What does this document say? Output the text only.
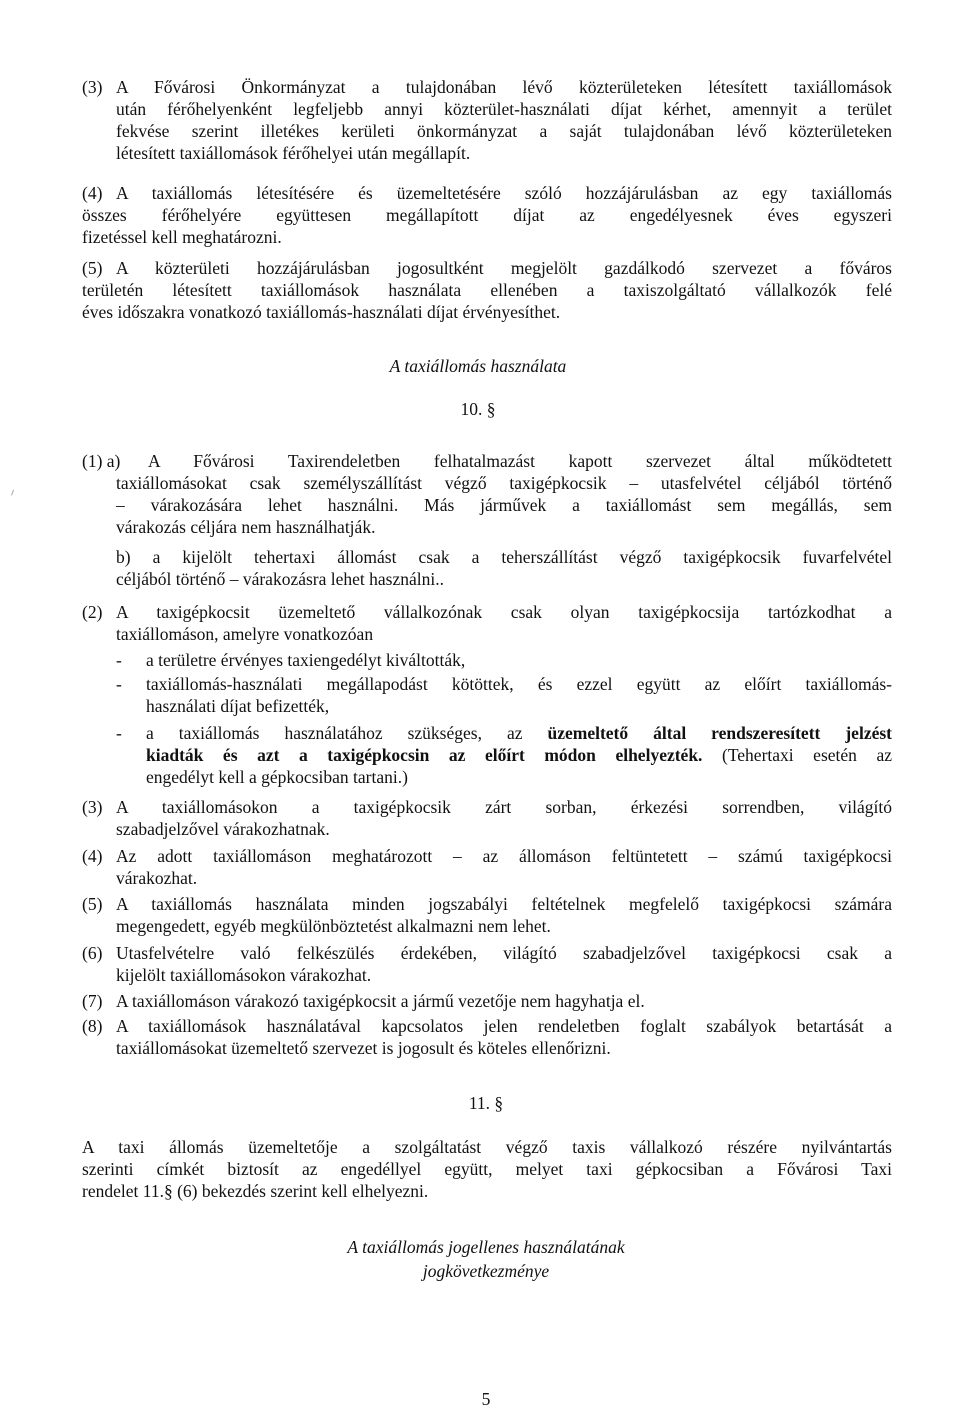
(3) A Fővárosi Önkormányzat a tulajdonában lévő közterületeken létesített taxiállomások
után férőhelyenként legfeljebb annyi közterület-használati díjat kérhet, amennyit a terület
fekvése szerint illetékes kerületi önkormányzat a saját tulajdonában lévő közterületeken
létesített taxiállomások férőhelyei után megállapít.
(4) A taxiállomás létesítésére és üzemeltetésére szóló hozzájárulásban az egy taxiállomás
összes férőhelyére együttesen megállapított díjat az engedélyesnek éves egyszeri
fizetéssel kell meghatározni.
(5) A közterületi hozzájárulásban jogosultként megjelölt gazdálkodó szervezet a főváros
területén létesített taxiállomások használata ellenében a taxiszolgáltató vállalkozók felé
éves időszakra vonatkozó taxiállomás-használati díjat érvényesíthet.
A taxiállomás használata
10. §
(1) a) A Fővárosi Taxirendeletben felhatalmazást kapott szervezet által működtetett
taxiállomásokat csak személyszállítást végző taxigépkocsik – utasfelvétel céljából történő
– várakozására lehet használni. Más járművek a taxiállomást sem megállás, sem
várakozás céljára nem használhatják.
b) a kijelölt tehertaxi állomást csak a teherszállítást végző taxigépkocsik fuvarfelvétel
céljából történő – várakozásra lehet használni..
(2) A taxigépkocsit üzemeltető vállalkozónak csak olyan taxigépkocsija tartózkodhat a
taxiállomáson, amelyre vonatkozóan
- a területre érvényes taxiengedélyt kiváltották,
- taxiállomás-használati megállapodást kötöttek, és ezzel együtt az előírt taxiállomás-
használati díjat befizették,
- a taxiállomás használatához szükséges, az üzemeltető által rendszeresített jelzést
kiadták és azt a taxigépkocsin az előírt módon elhelyezték. (Tehertaxi esetén az
engedélyt kell a gépkocsiban tartani.)
(3) A taxiállomásokon a taxigépkocsik zárt sorban, érkezési sorrendben, világító
szabadjelzővel várakozhatnak.
(4) Az adott taxiállomáson meghatározott – az állomáson feltüntetett – számú taxigépkocsi
várakozhat.
(5) A taxiállomás használata minden jogszabályi feltételnek megfelelő taxigépkocsi számára
megengedett, egyéb megkülönböztetést alkalmazni nem lehet.
(6) Utasfelvételre való felkészülés érdekében, világító szabadjelzővel taxigépkocsi csak a
kijelölt taxiállomásokon várakozhat.
(7) A taxiállomáson várakozó taxigépkocsit a jármű vezetője nem hagyhatja el.
(8) A taxiállomások használatával kapcsolatos jelen rendeletben foglalt szabályok betartását a
taxiállomásokat üzemeltető szervezet is jogosult és köteles ellenőrizni.
11. §
A taxi állomás üzemeltetője a szolgáltatást végző taxis vállalkozó részére nyilvántartás
szerinti címkét biztosít az engedéllyel együtt, melyet taxi gépkocsiban a Fővárosi Taxi
rendelet 11.§ (6) bekezdés szerint kell elhelyezni.
A taxiállomás jogellenes használatának
jogkövetkezménye
5
